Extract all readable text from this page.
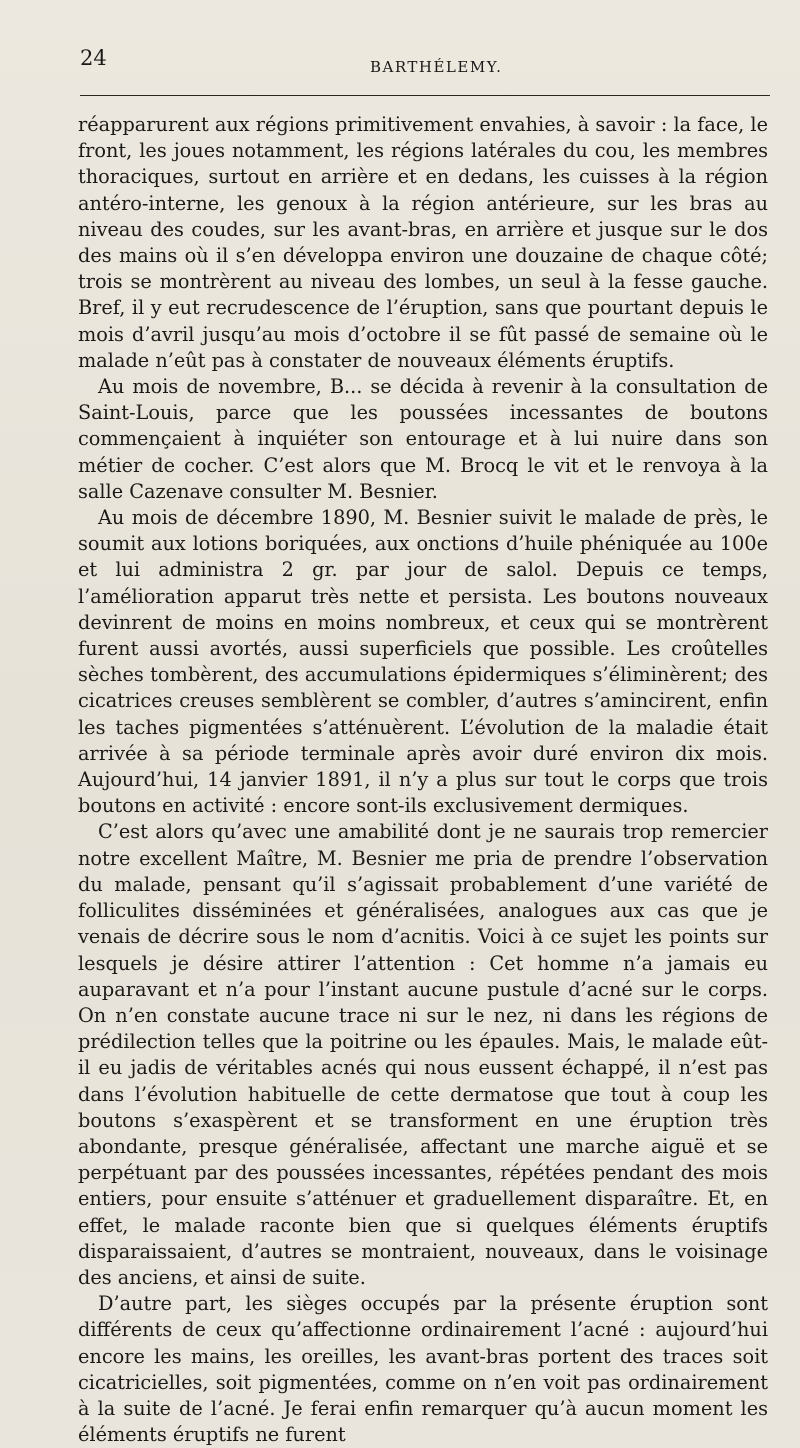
24	BARTHÉLEMY.

réapparurent aux régions primitivement envahies, à savoir : la face, le front, les joues notamment, les régions latérales du cou, les membres thoraciques, surtout en arrière et en dedans, les cuisses à la région antéro-interne, les genoux à la région antérieure, sur les bras au niveau des coudes, sur les avant-bras, en arrière et jusque sur le dos des mains où il s’en développa environ une douzaine de chaque côté; trois se montrèrent au niveau des lombes, un seul à la fesse gauche. Bref, il y eut recrudescence de l’éruption, sans que pourtant depuis le mois d’avril jusqu’au mois d’octobre il se fût passé de semaine où le malade n’eût pas à constater de nouveaux éléments éruptifs.

Au mois de novembre, B... se décida à revenir à la consultation de Saint-Louis, parce que les poussées incessantes de boutons commençaient à inquiéter son entourage et à lui nuire dans son métier de cocher. C’est alors que M. Brocq le vit et le renvoya à la salle Cazenave consulter M. Besnier.

Au mois de décembre 1890, M. Besnier suivit le malade de près, le soumit aux lotions boriquées, aux onctions d’huile phéniquée au 100e et lui administra 2 gr. par jour de salol. Depuis ce temps, l’amélioration apparut très nette et persista. Les boutons nouveaux devinrent de moins en moins nombreux, et ceux qui se montrèrent furent aussi avortés, aussi superficiels que possible. Les croûtelles sèches tombèrent, des accumulations épidermiques s’éliminèrent; des cicatrices creuses semblèrent se combler, d’autres s’amincirent, enfin les taches pigmentées s’atténuèrent. L’évolution de la maladie était arrivée à sa période terminale après avoir duré environ dix mois. Aujourd’hui, 14 janvier 1891, il n’y a plus sur tout le corps que trois boutons en activité : encore sont-ils exclusivement dermiques.

C’est alors qu’avec une amabilité dont je ne saurais trop remercier notre excellent Maître, M. Besnier me pria de prendre l’observation du malade, pensant qu’il s’agissait probablement d’une variété de folliculites disséminées et généralisées, analogues aux cas que je venais de décrire sous le nom d’acnitis. Voici à ce sujet les points sur lesquels je désire attirer l’attention : Cet homme n’a jamais eu auparavant et n’a pour l’instant aucune pustule d’acné sur le corps. On n’en constate aucune trace ni sur le nez, ni dans les régions de prédilection telles que la poitrine ou les épaules. Mais, le malade eût-il eu jadis de véritables acnés qui nous eussent échappé, il n’est pas dans l’évolution habituelle de cette dermatose que tout à coup les boutons s’exaspèrent et se transforment en une éruption très abondante, presque généralisée, affectant une marche aiguë et se perpétuant par des poussées incessantes, répétées pendant des mois entiers, pour ensuite s’atténuer et graduellement disparaître. Et, en effet, le malade raconte bien que si quelques éléments éruptifs disparaissaient, d’autres se montraient, nouveaux, dans le voisinage des anciens, et ainsi de suite.

D’autre part, les sièges occupés par la présente éruption sont différents de ceux qu’affectionne ordinairement l’acné : aujourd’hui encore les mains, les oreilles, les avant-bras portent des traces soit cicatricielles, soit pigmentées, comme on n’en voit pas ordinairement à la suite de l’acné. Je ferai enfin remarquer qu’à aucun moment les éléments éruptifs ne furent
